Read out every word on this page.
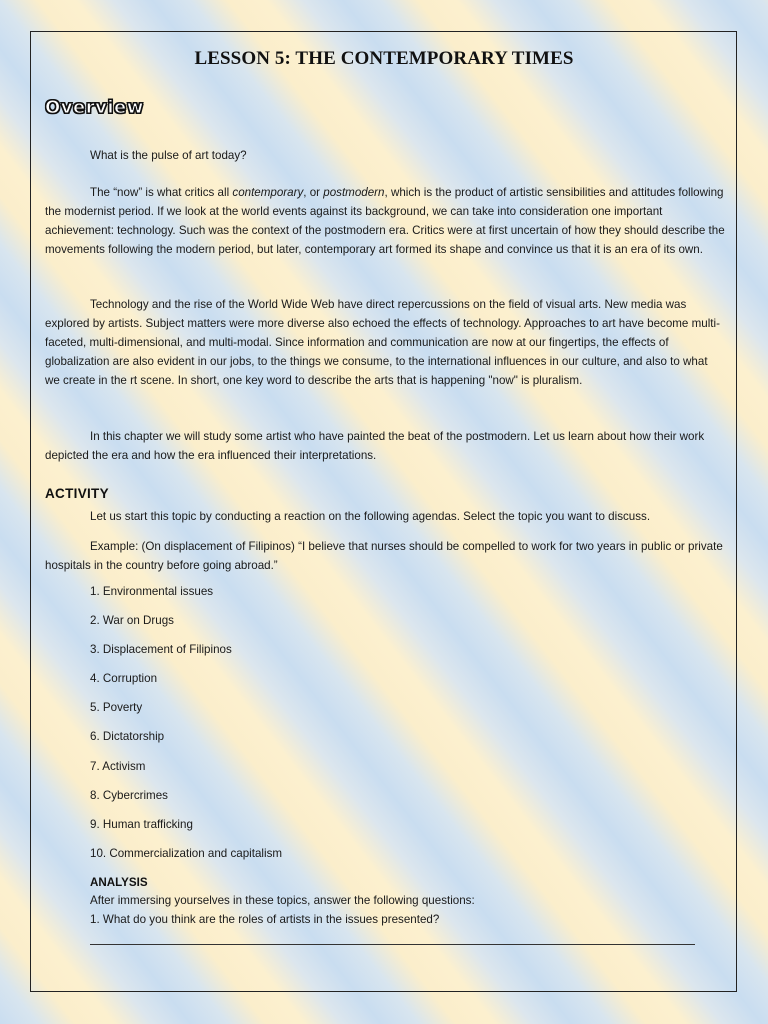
LESSON 5: THE CONTEMPORARY TIMES
Overview

What is the pulse of art today?

The “now” is what critics all contemporary, or postmodern, which is the product of artistic sensibilities and attitudes following the modernist period. If we look at the world events against its background, we can take into consideration one important achievement: technology. Such was the context of the postmodern era. Critics were at first uncertain of how they should describe the movements following the modern period, but later, contemporary art formed its shape and convince us that it is an era of its own.

Technology and the rise of the World Wide Web have direct repercussions on the field of visual arts. New media was explored by artists. Subject matters were more diverse also echoed the effects of technology. Approaches to art have become multi-faceted, multi-dimensional, and multi-modal. Since information and communication are now at our fingertips, the effects of globalization are also evident in our jobs, to the things we consume, to the international influences in our culture, and also to what we create in the rt scene. In short, one key word to describe the arts that is happening "now" is pluralism.

In this chapter we will study some artist who have painted the beat of the postmodern. Let us learn about how their work depicted the era and how the era influenced their interpretations.

ACTIVITY

Let us start this topic by conducting a reaction on the following agendas. Select the topic you want to discuss.

Example: (On displacement of Filipinos) “I believe that nurses should be compelled to work for two years in public or private hospitals in the country before going abroad.”

1. Environmental issues
2. War on Drugs
3. Displacement of Filipinos
4. Corruption
5. Poverty
6. Dictatorship
7. Activism
8. Cybercrimes
9. Human trafficking
10. Commercialization and capitalism
ANALYSIS
After immersing yourselves in these topics, answer the following questions:
1. What do you think are the roles of artists in the issues presented?
